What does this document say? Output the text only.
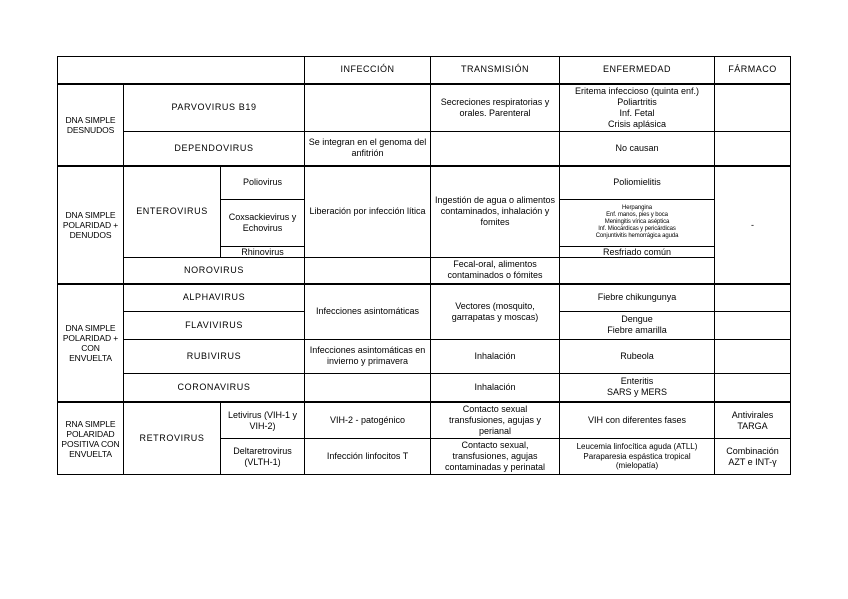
			INFECCIÓN	TRANSMISIÓN	ENFERMEDAD	FÁRMACO
DNA SIMPLE DESNUDOS	PARVOVIRUS B19			Secreciones respiratorias y orales. Parenteral	Eritema infeccioso (quinta enf.)
Poliartritis
Inf. Fetal
Crisis aplásica	

	DEPENDOVIRUS		Se integran en el genoma del anfitrión		No causan	
DNA SIMPLE POLARIDAD + DENUDOS	ENTEROVIRUS	Poliovirus	Liberación por infección lítica	Ingestión de agua o alimentos contaminados, inhalación y fomites	Poliomielitis	-
		Coxsackievirus y Echovirus			Herpangina
Enf. manos, pies y boca
Meningitis vírica aséptica
Inf. Miocárdicas y pericárdicas
Conjuntivitis hemorrágica aguda	

		Rhinovirus			Resfriado común	
	NOROVIRUS			Fecal-oral, alimentos contaminados o fómites		
DNA SIMPLE POLARIDAD + CON ENVUELTA	ALPHAVIRUS		Infecciones asintomáticas	Vectores (mosquito, garrapatas y moscas)	Fiebre chikungunya	
	FLAVIVIRUS				Dengue
Fiebre amarilla	

	RUBIVIRUS		Infecciones asintomáticas en invierno y primavera	Inhalación	Rubeola	
	CORONAVIRUS			Inhalación	Enteritis
SARS y MERS	

RNA SIMPLE POLARIDAD POSITIVA CON ENVUELTA	RETROVIRUS	Letivirus (VIH-1 y VIH-2)	VIH-2 - patogénico	Contacto sexual transfusiones, agujas y perianal	VIH con diferentes fases	Antivirales TARGA
		Deltaretrovirus (VLTH-1)	Infección linfocitos T	Contacto sexual, transfusiones, agujas contaminadas y perinatal	Leucemia linfocítica aguda (ATLL)
Paraparesia espástica tropical
(mielopatía)	Combinación AZT e INT-γ
